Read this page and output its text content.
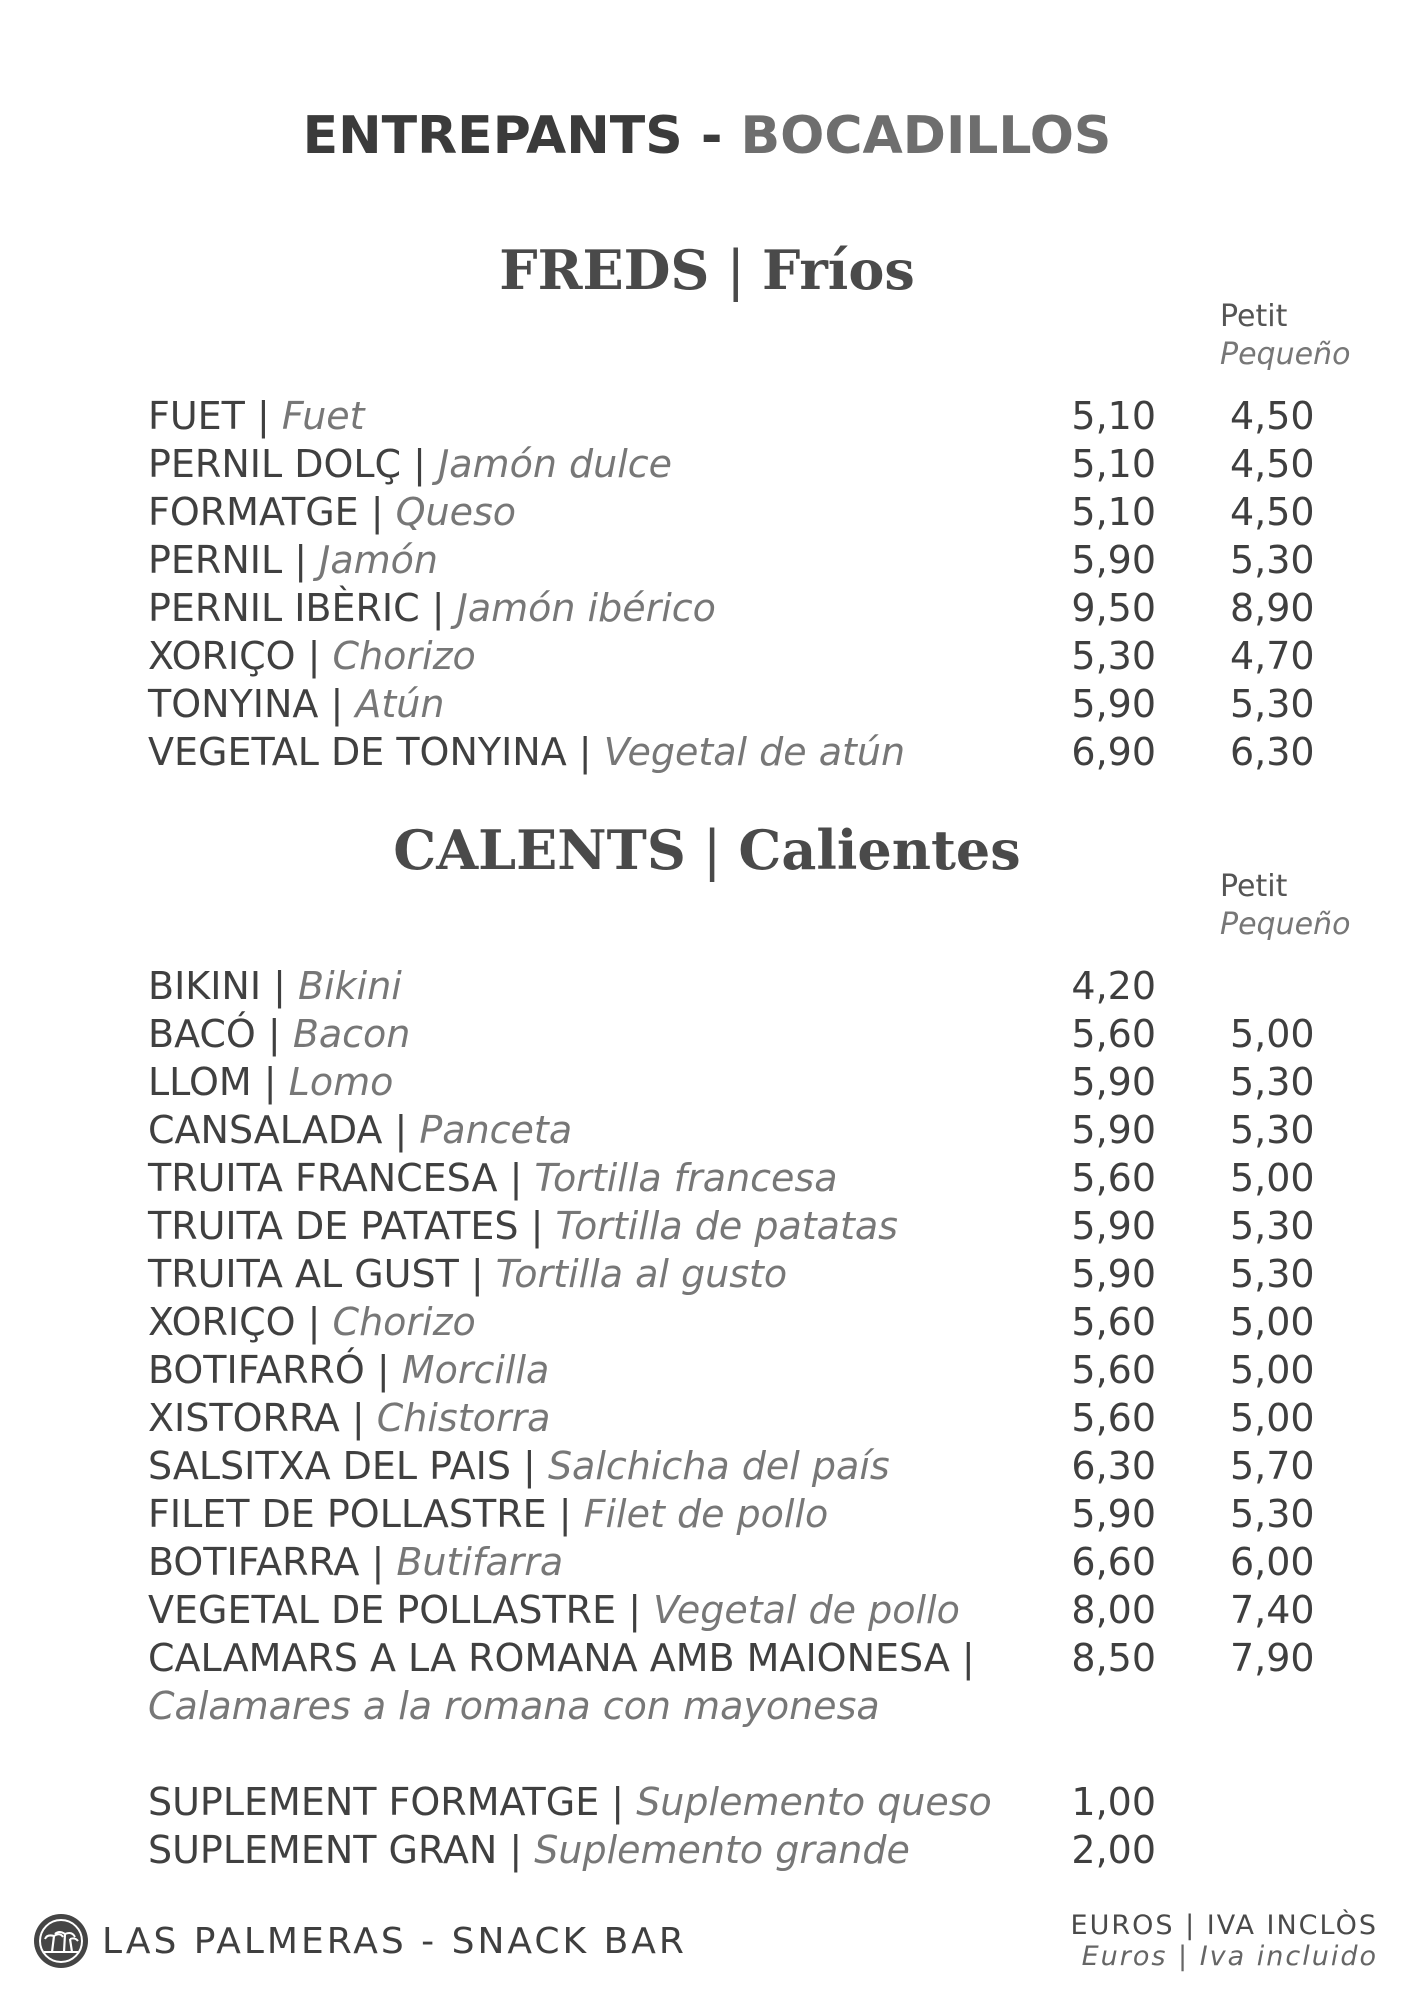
ENTREPANTS - BOCADILLOS
FREDS | Fríos
Petit
Pequeño
FUET | Fuet	5,10 4,50
PERNIL DOLÇ | Jamón dulce	5,10 4,50
FORMATGE | Queso	5,10 4,50
PERNIL | Jamón	5,90 5,30
PERNIL IBÈRIC | Jamón ibérico	9,50 8,90
XORIÇO | Chorizo	5,30 4,70
TONYINA | Atún	5,90 5,30
VEGETAL DE TONYINA | Vegetal de atún	6,90 6,30
CALENTS | Calientes
Petit
Pequeño
BIKINI | Bikini	4,20
BACÓ | Bacon	5,60 5,00
LLOM | Lomo	5,90 5,30
CANSALADA | Panceta	5,90 5,30
TRUITA FRANCESA | Tortilla francesa	5,60 5,00
TRUITA DE PATATES | Tortilla de patatas	5,90 5,30
TRUITA AL GUST | Tortilla al gusto	5,90 5,30
XORIÇO | Chorizo	5,60 5,00
BOTIFARRÓ | Morcilla	5,60 5,00
XISTORRA | Chistorra	5,60 5,00
SALSITXA DEL PAIS | Salchicha del país	6,30 5,70
FILET DE POLLASTRE | Filet de pollo	5,90 5,30
BOTIFARRA | Butifarra	6,60 6,00
VEGETAL DE POLLASTRE | Vegetal de pollo	8,00 7,40
CALAMARS A LA ROMANA AMB MAIONESA |
Calamares a la romana con mayonesa
8,50 7,90
SUPLEMENT FORMATGE | Suplemento queso 1,00
SUPLEMENT GRAN | Suplemento grande	2,00
LAS PALMERAS - SNACK BAR	EUROS | IVA INCLÒS
Euros | Iva incluido
